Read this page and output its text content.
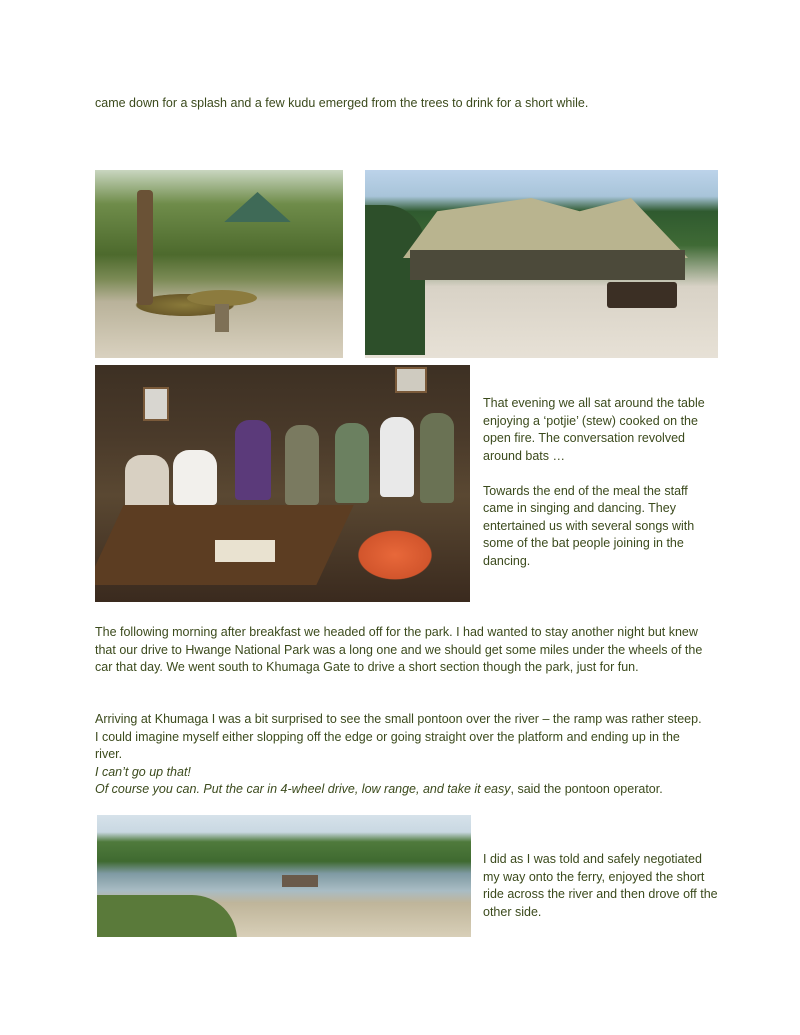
came down for a splash and a few kudu emerged from the trees to drink for a short while.

That evening we all sat around the table enjoying a ‘potjie’ (stew) cooked on the open fire. The conversation revolved around bats …

Towards the end of the meal the staff came in singing and dancing. They entertained us with several songs with some of the bat people joining in the dancing.

The following morning after breakfast we headed off for the park. I had wanted to stay another night but knew that our drive to Hwange National Park was a long one and we should get some miles under the wheels of the car that day. We went south to Khumaga Gate to drive a short section though the park, just for fun.

Arriving at Khumaga I was a bit surprised to see the small pontoon over the river – the ramp was rather steep. I could imagine myself either slopping off the edge or going straight over the platform and ending up in the river.

I can’t go up that!

Of course you can. Put the car in 4-wheel drive, low range, and take it easy, said the pontoon operator.

I did as I was told and safely negotiated my way onto the ferry, enjoyed the short ride across the river and then drove off the other side.
